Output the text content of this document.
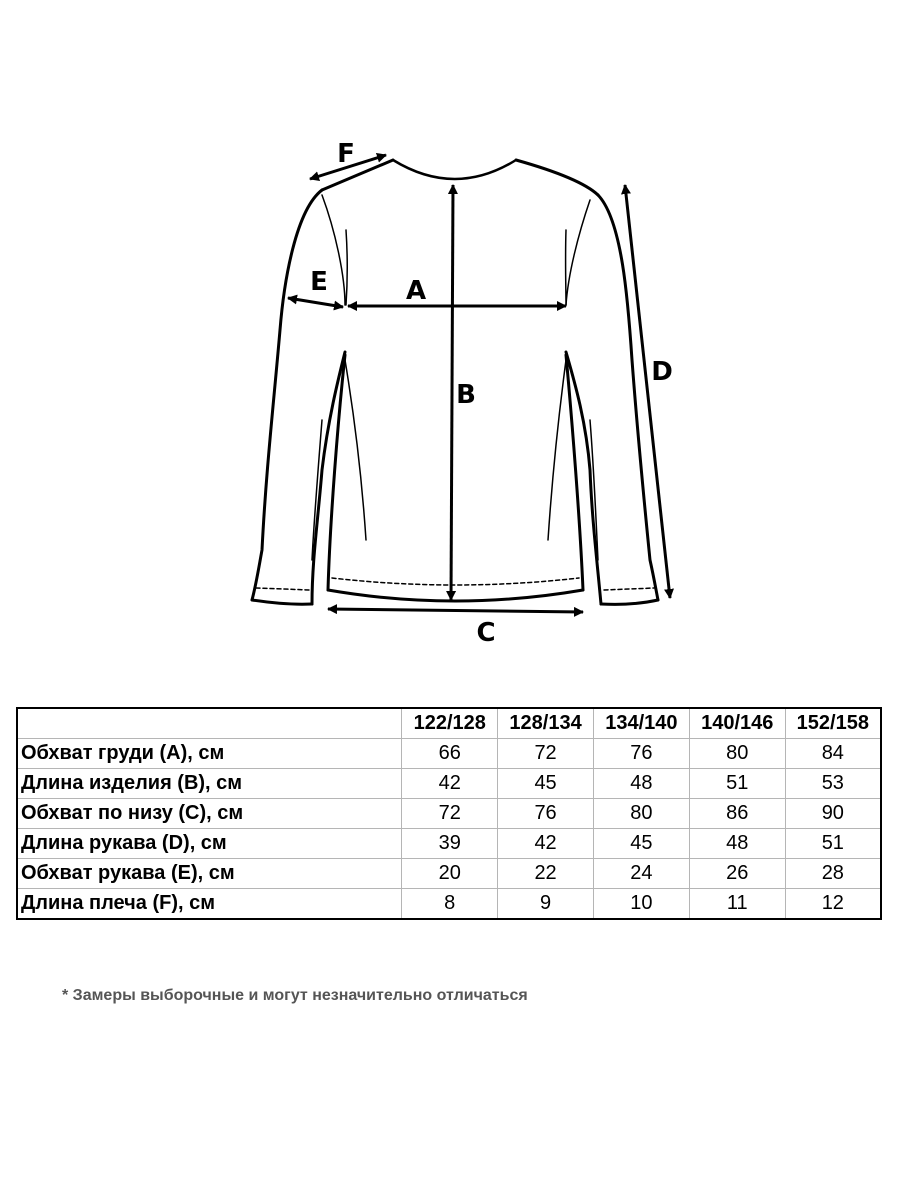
F
E	A
B
C
D
	122/128	128/134	134/140	140/146	152/158
Обхват груди (А), см	66	72	76	80	84
Длина изделия (В), см	42	45	48	51	53
Обхват по низу (С), см	72	76	80	86	90
Длина рукава (D), см	39	42	45	48	51
Обхват рукава (Е), см	20	22	24	26	28
Длина плеча (F), см	8	9	10	11	12

* Замеры выборочные и могут незначительно отличаться
